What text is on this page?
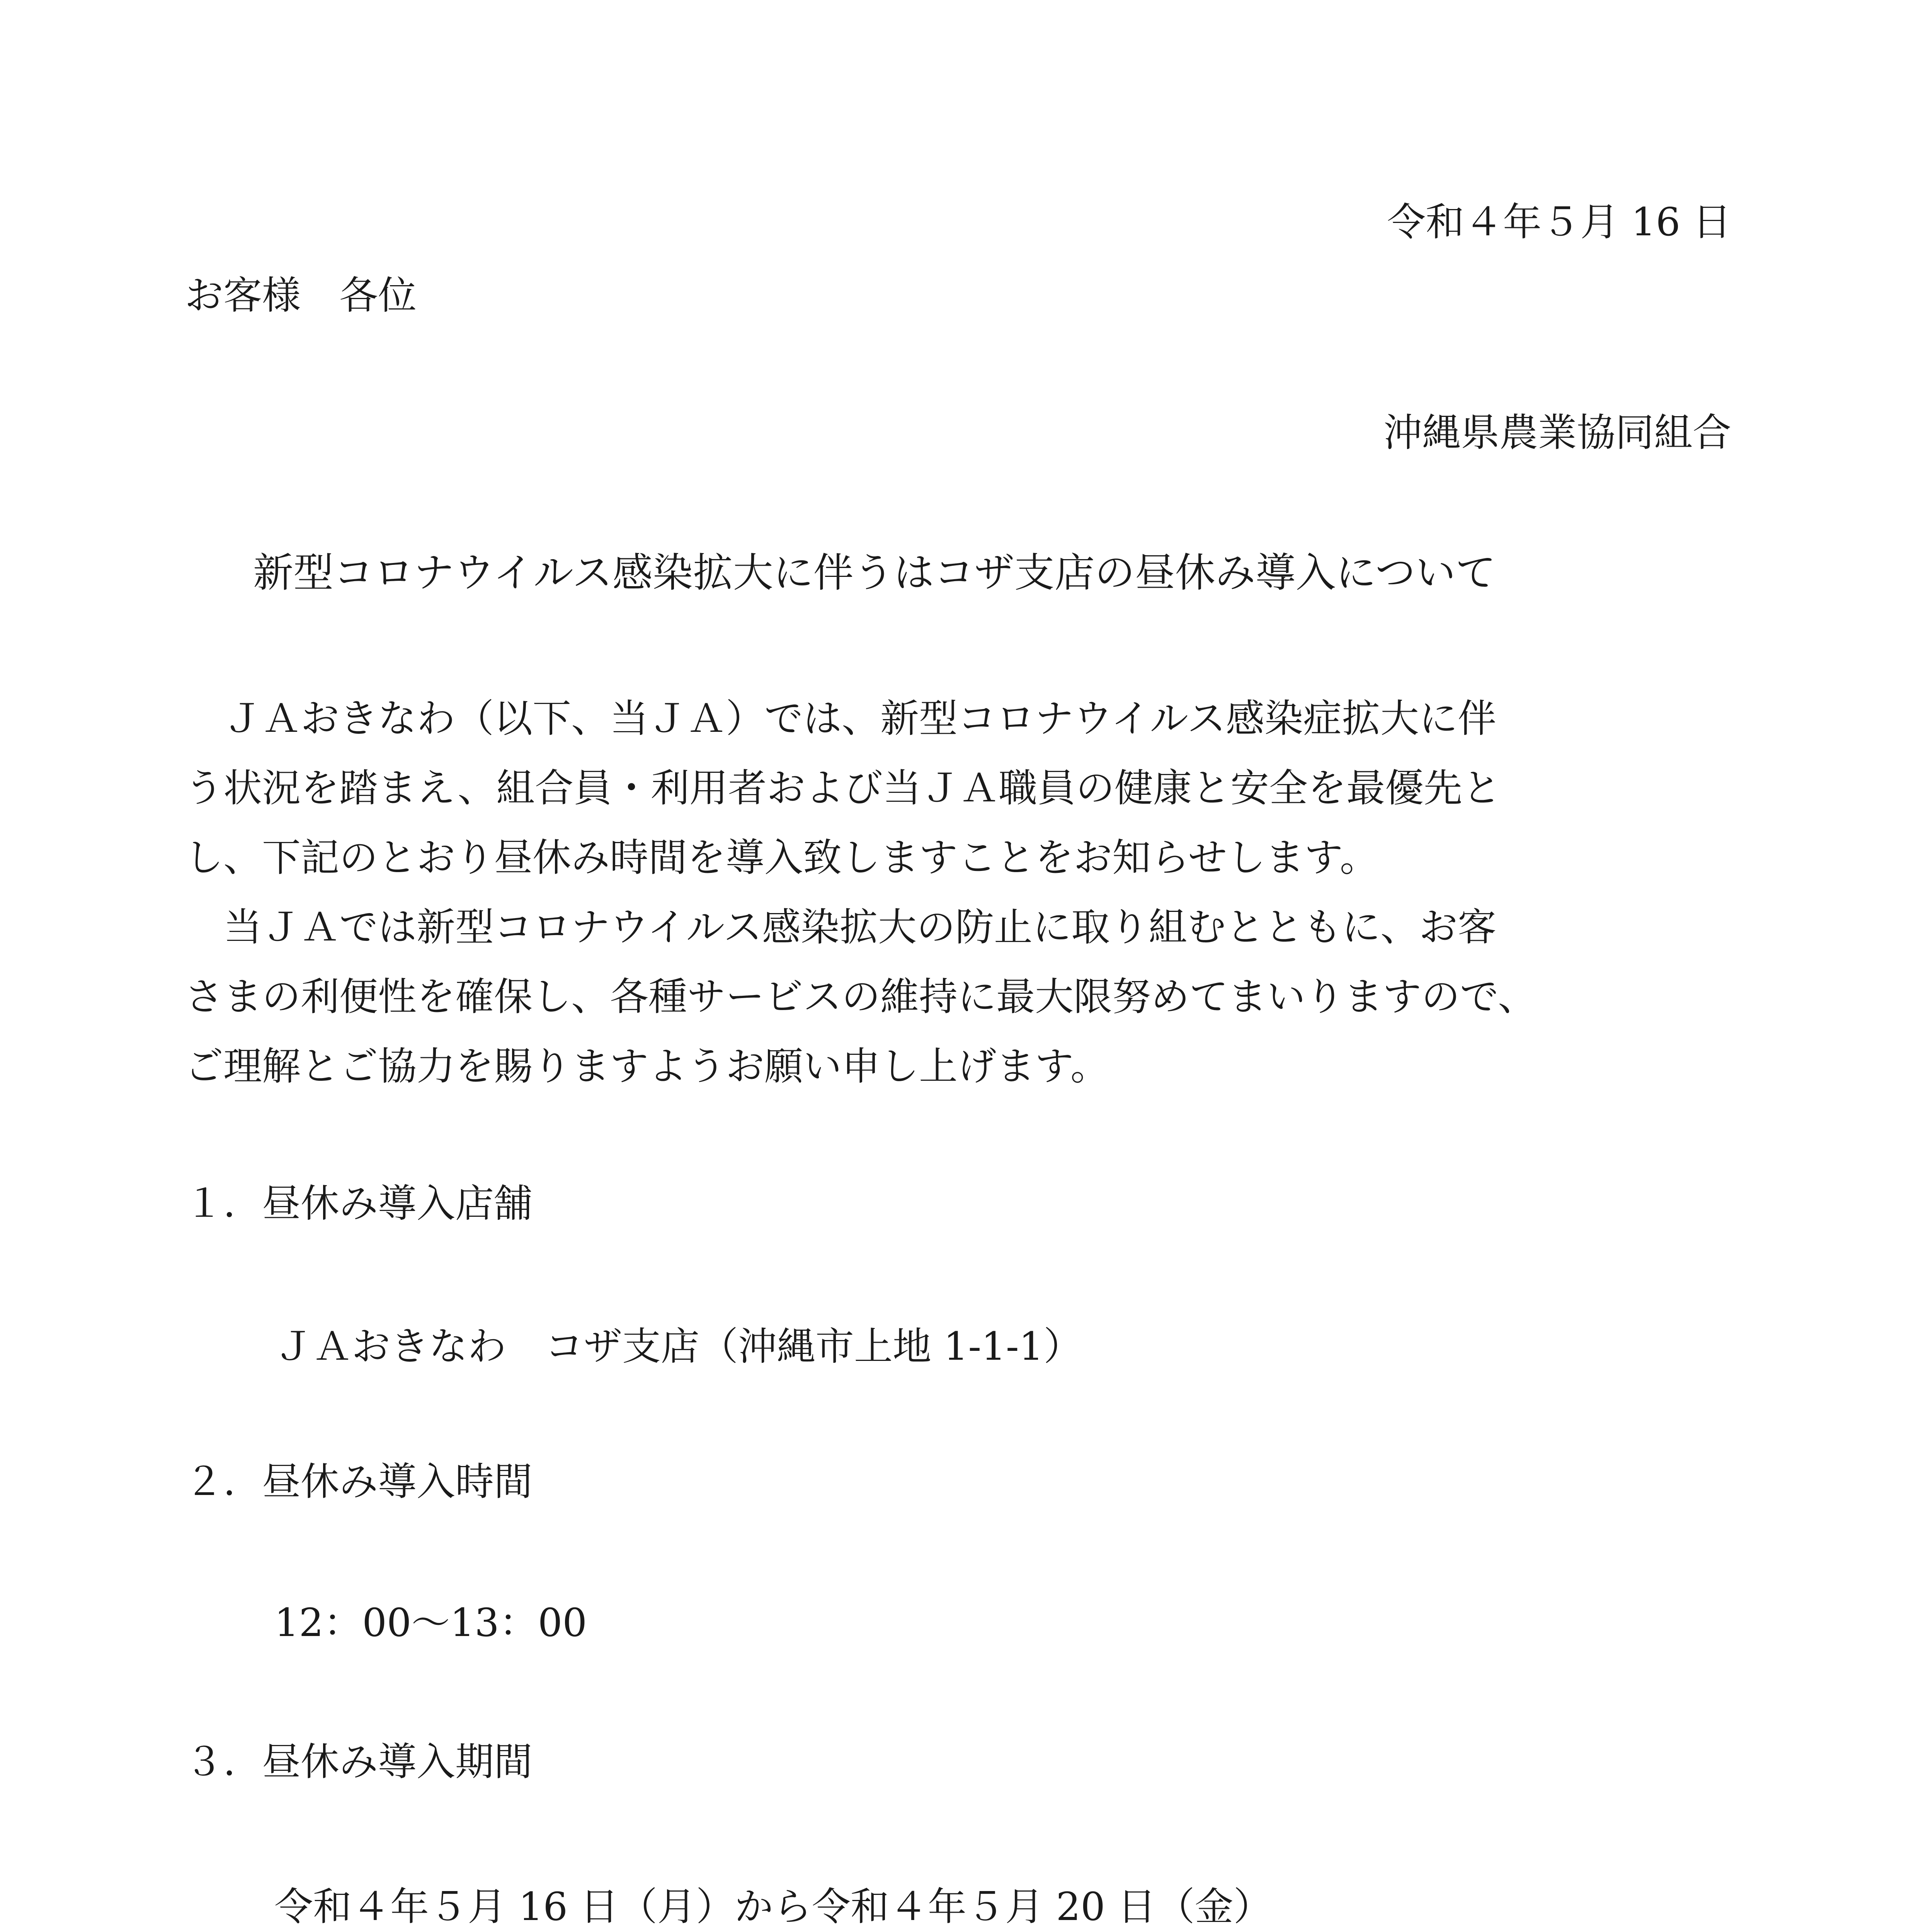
令和４年５月 16 日
お客様　各位
沖縄県農業協同組合
新型コロナウイルス感染拡大に伴うはコザ支店の昼休み導入について
ＪＡおきなわ（以下、当ＪＡ）では、新型コロナウイルス感染症拡大に伴
う状況を踏まえ、組合員・利用者および当ＪＡ職員の健康と安全を最優先と
し、下記のとおり昼休み時間を導入致しますことをお知らせします。
当ＪＡでは新型コロナウイルス感染拡大の防止に取り組むとともに、お客
さまの利便性を確保し、各種サービスの維持に最大限努めてまいりますので、
ご理解とご協力を賜りますようお願い申し上げます。
１．昼休み導入店舗
ＪＡおきなわ　コザ支店（沖縄市上地 1-1-1）
２．昼休み導入時間
12：00〜13：00
３．昼休み導入期間
令和４年５月 16 日（月）から令和４年５月 20 日（金）
